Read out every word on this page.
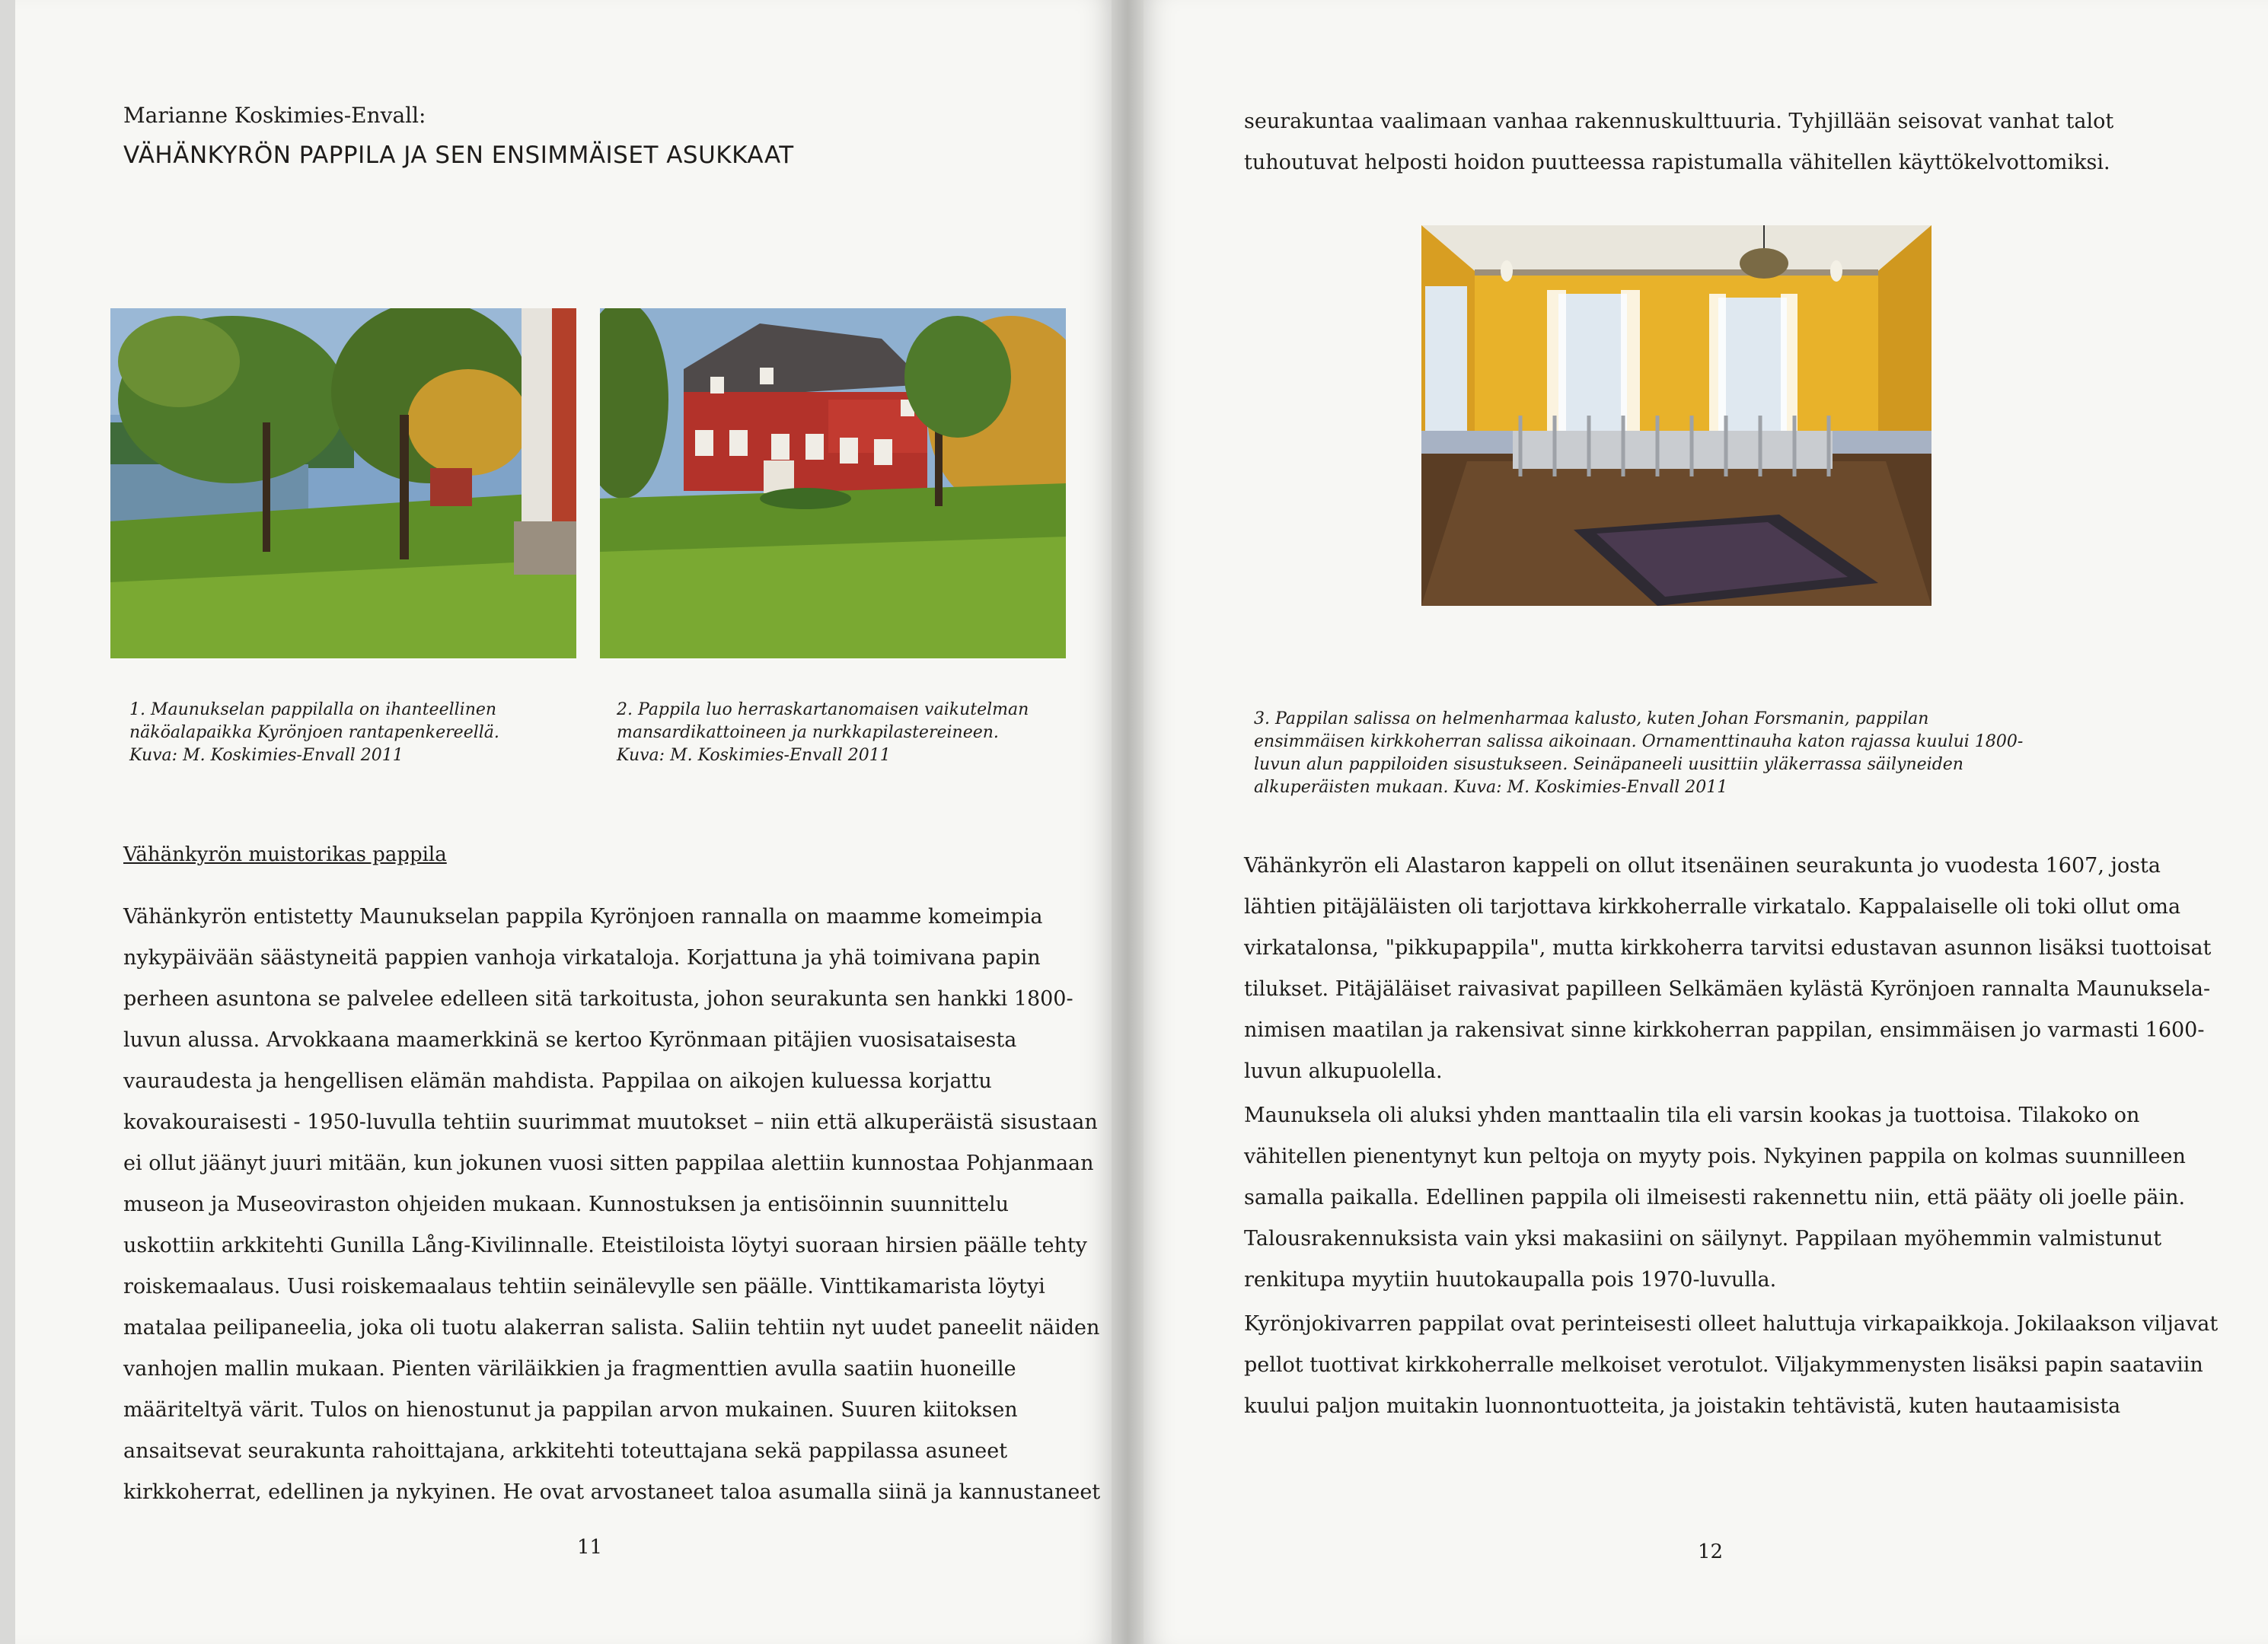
Marianne Koskimies-Envall:
VÄHÄNKYRÖN PAPPILA JA SEN ENSIMMÄISET ASUKKAAT
1. Maunukselan pappilalla on ihanteellinen
näköalapaikka Kyrönjoen rantapenkereellä.
Kuva: M. Koskimies-Envall 2011
2. Pappila luo herraskartanomaisen vaikutelman
mansardikattoineen ja nurkkapilastereineen.
Kuva: M. Koskimies-Envall 2011
Vähänkyrön muistorikas pappila
Vähänkyrön entistetty Maunukselan pappila Kyrönjoen rannalla on maamme komeimpia
nykypäivään säästyneitä pappien vanhoja virkataloja. Korjattuna ja yhä toimivana papin
perheen asuntona se palvelee edelleen sitä tarkoitusta, johon seurakunta sen hankki 1800-
luvun alussa. Arvokkaana maamerkkinä se kertoo Kyrönmaan pitäjien vuosisataisesta
vauraudesta ja hengellisen elämän mahdista. Pappilaa on aikojen kuluessa korjattu
kovakouraisesti - 1950-luvulla tehtiin suurimmat muutokset – niin että alkuperäistä sisustaan
ei ollut jäänyt juuri mitään, kun jokunen vuosi sitten pappilaa alettiin kunnostaa Pohjanmaan
museon ja Museoviraston ohjeiden mukaan. Kunnostuksen ja entisöinnin suunnittelu
uskottiin arkkitehti Gunilla Lång-Kivilinnalle. Eteistiloista löytyi suoraan hirsien päälle tehty
roiskemaalaus. Uusi roiskemaalaus tehtiin seinälevylle sen päälle. Vinttikamarista löytyi
matalaa peilipaneelia, joka oli tuotu alakerran salista. Saliin tehtiin nyt uudet paneelit näiden
vanhojen mallin mukaan. Pienten väriläikkien ja fragmenttien avulla saatiin huoneille
määriteltyä värit. Tulos on hienostunut ja pappilan arvon mukainen. Suuren kiitoksen
ansaitsevat seurakunta rahoittajana, arkkitehti toteuttajana sekä pappilassa asuneet
kirkkoherrat, edellinen ja nykyinen. He ovat arvostaneet taloa asumalla siinä ja kannustaneet
11
seurakuntaa vaalimaan vanhaa rakennuskulttuuria. Tyhjillään seisovat vanhat talot
tuhoutuvat helposti hoidon puutteessa rapistumalla vähitellen käyttökelvottomiksi.
3. Pappilan salissa on helmenharmaa kalusto, kuten Johan Forsmanin, pappilan
ensimmäisen kirkkoherran salissa aikoinaan. Ornamenttinauha katon rajassa kuului 1800-
luvun alun pappiloiden sisustukseen. Seinäpaneeli uusittiin yläkerrassa säilyneiden
alkuperäisten mukaan. Kuva: M. Koskimies-Envall 2011
Vähänkyrön eli Alastaron kappeli on ollut itsenäinen seurakunta jo vuodesta 1607, josta
lähtien pitäjäläisten oli tarjottava kirkkoherralle virkatalo. Kappalaiselle oli toki ollut oma
virkatalonsa, "pikkupappila", mutta kirkkoherra tarvitsi edustavan asunnon lisäksi tuottoisat
tilukset. Pitäjäläiset raivasivat papilleen Selkämäen kylästä Kyrönjoen rannalta Maunuksela-
nimisen maatilan ja rakensivat sinne kirkkoherran pappilan, ensimmäisen jo varmasti 1600-
luvun alkupuolella.
Maunuksela oli aluksi yhden manttaalin tila eli varsin kookas ja tuottoisa. Tilakoko on
vähitellen pienentynyt kun peltoja on myyty pois. Nykyinen pappila on kolmas suunnilleen
samalla paikalla. Edellinen pappila oli ilmeisesti rakennettu niin, että pääty oli joelle päin.
Talousrakennuksista vain yksi makasiini on säilynyt. Pappilaan myöhemmin valmistunut
renkitupa myytiin huutokaupalla pois 1970-luvulla.
Kyrönjokivarren pappilat ovat perinteisesti olleet haluttuja virkapaikkoja. Jokilaakson viljavat
pellot tuottivat kirkkoherralle melkoiset verotulot. Viljakymmenysten lisäksi papin saataviin
kuului paljon muitakin luonnontuotteita, ja joistakin tehtävistä, kuten hautaamisista
12
